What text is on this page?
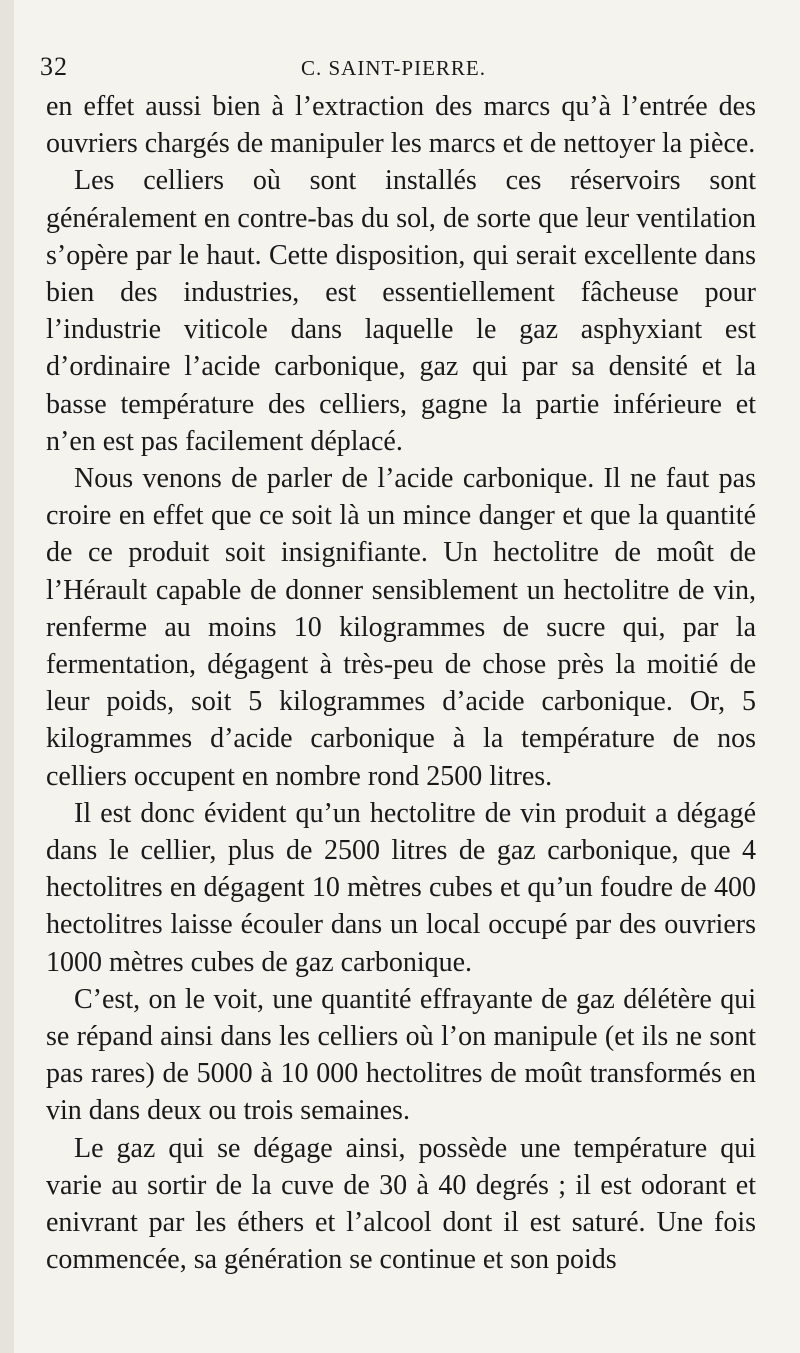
32	C. SAINT-PIERRE.

en effet aussi bien à l’extraction des marcs qu’à l’entrée des ouvriers chargés de manipuler les marcs et de nettoyer la pièce.

Les celliers où sont installés ces réservoirs sont généralement en contre-bas du sol, de sorte que leur ventilation s’opère par le haut. Cette disposition, qui serait excellente dans bien des industries, est essentiellement fâcheuse pour l’industrie viticole dans laquelle le gaz asphyxiant est d’ordinaire l’acide carbonique, gaz qui par sa densité et la basse température des celliers, gagne la partie inférieure et n’en est pas facilement déplacé.

Nous venons de parler de l’acide carbonique. Il ne faut pas croire en effet que ce soit là un mince danger et que la quantité de ce produit soit insignifiante. Un hectolitre de moût de l’Hérault capable de donner sensiblement un hectolitre de vin, renferme au moins 10 kilogrammes de sucre qui, par la fermentation, dégagent à très-peu de chose près la moitié de leur poids, soit 5 kilogrammes d’acide carbonique. Or, 5 kilogrammes d’acide carbonique à la température de nos celliers occupent en nombre rond 2500 litres.

Il est donc évident qu’un hectolitre de vin produit a dégagé dans le cellier, plus de 2500 litres de gaz carbonique, que 4 hectolitres en dégagent 10 mètres cubes et qu’un foudre de 400 hectolitres laisse écouler dans un local occupé par des ouvriers 1000 mètres cubes de gaz carbonique.

C’est, on le voit, une quantité effrayante de gaz délétère qui se répand ainsi dans les celliers où l’on manipule (et ils ne sont pas rares) de 5000 à 10 000 hectolitres de moût transformés en vin dans deux ou trois semaines.

Le gaz qui se dégage ainsi, possède une température qui varie au sortir de la cuve de 30 à 40 degrés ; il est odorant et enivrant par les éthers et l’alcool dont il est saturé. Une fois commencée, sa génération se continue et son poids
